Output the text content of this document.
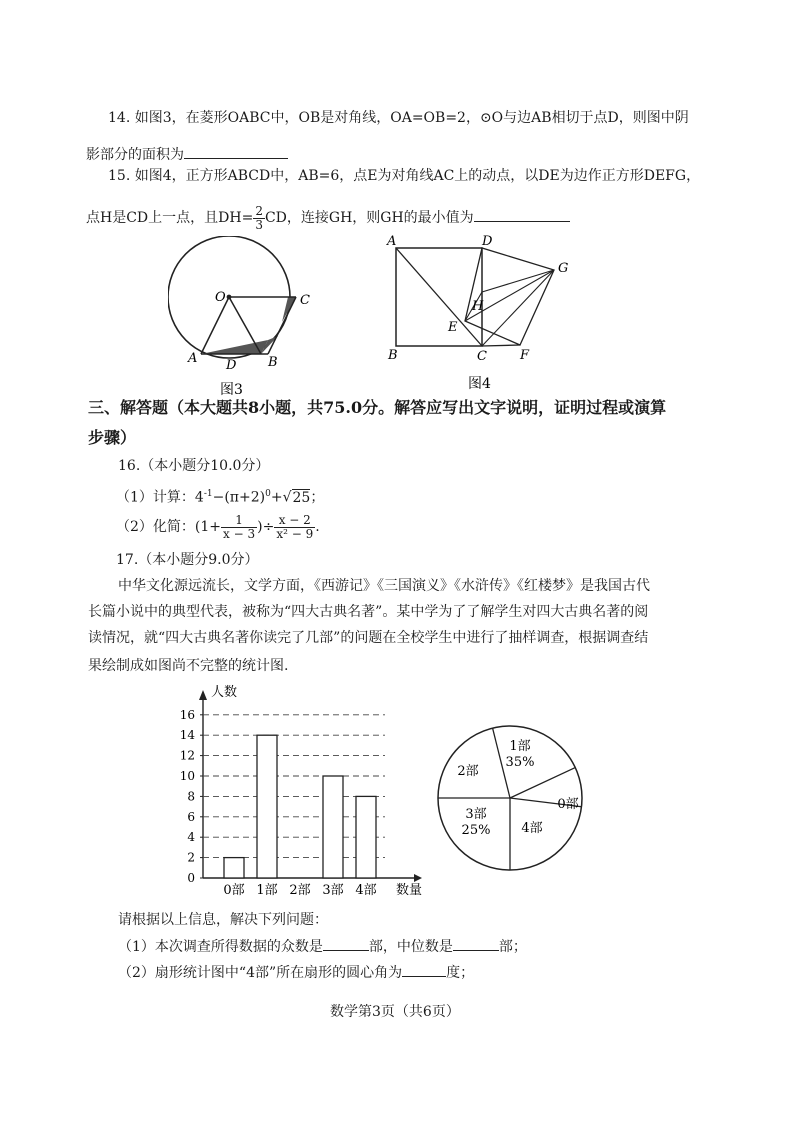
14. 如图3，在菱形OABC中，OB是对角线，OA=OB=2，⊙O与边AB相切于点D，则图中阴
影部分的面积为
15. 如图4，正方形ABCD中，AB=6，点E为对角线AC上的动点，以DE为边作正方形DEFG，
点H是CD上一点，且$DH= \frac{2}{3}$ CD，连接GH，则GH的最小值为
O	C
A D B
图3
A	D
G
H
E
B	C	F
图4
三、解答题（本大题共8小题，共75.0分。解答应写出文字说明，证明过程或演算
步骤）
16.（本小题分10.0分）
（1）计算：$4^{-1}-(\pi+2)^0+√25$；
（2）化简：($1+ \frac{1}{x - 3}$ )÷ $\frac{x - 2}{\text{x² − 9}}$ .
17.（本小题分9.0分）
中华文化源远流长，文学方面，《西游记》《三国演义》《水浒传》《红楼梦》是我国古代
长篇小说中的典型代表，被称为“四大古典名著”。某中学为了了解学生对四大古典名著的阅
读情况，就“四大古典名著你读完了几部”的问题在全校学生中进行了抽样调查，根据调查结
果绘制成如图尚不完整的统计图.
人数
数量
0
2
4
6
8
10
12
14
16
0部 1部 2部 3部 4部
1部
35%
2部
3部
25% 4部
0部
请根据以上信息，解决下列问题：
（1）本次调查所得数据的众数是	部，中位数是	部；
（2）扇形统计图中“4部”所在扇形的圆心角为	度；
数学第3页（共6页）
